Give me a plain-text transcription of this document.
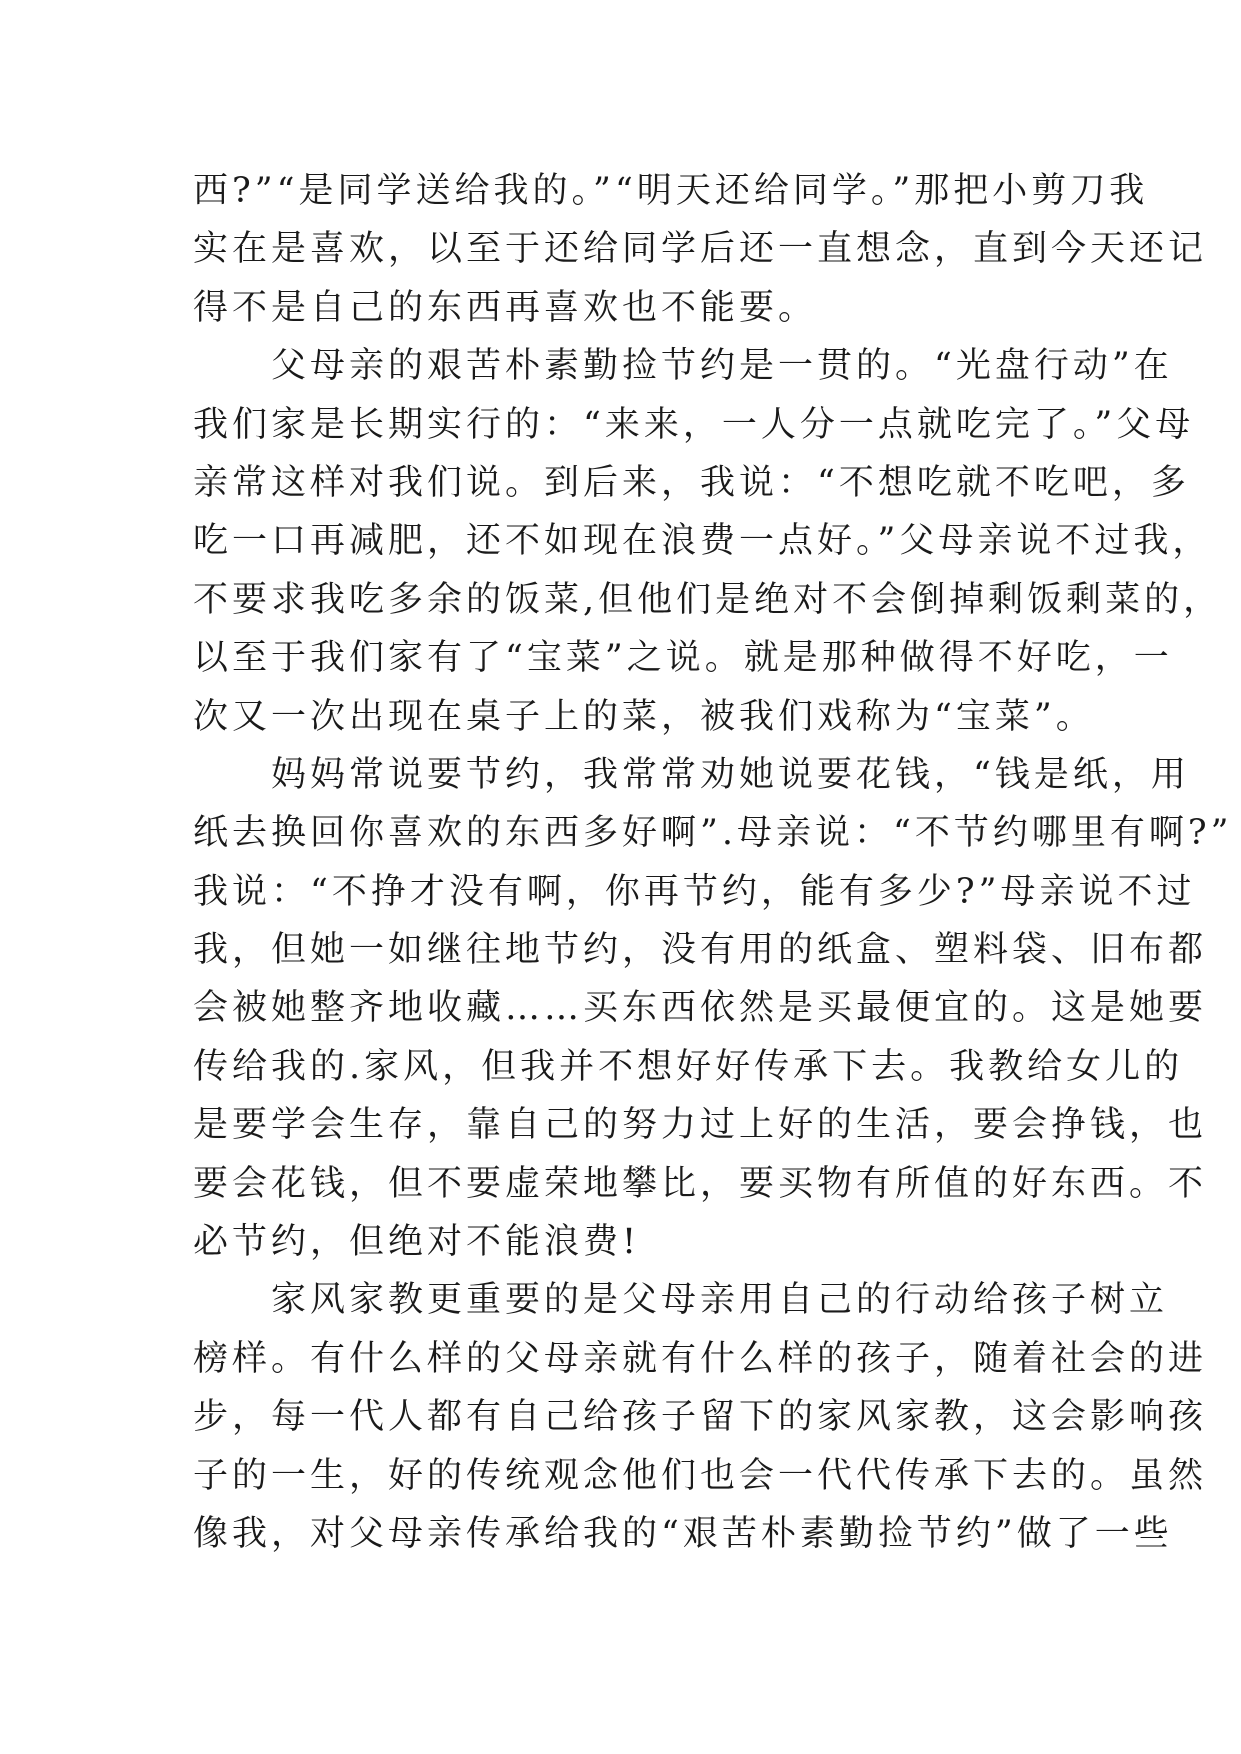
西?”“是同学送给我的。”“明天还给同学。”那把小剪刀我
实在是喜欢，以至于还给同学后还一直想念，直到今天还记
得不是自己的东西再喜欢也不能要。
父母亲的艰苦朴素勤捡节约是一贯的。“光盘行动”在
我们家是长期实行的：“来来，一人分一点就吃完了。”父母
亲常这样对我们说。到后来，我说：“不想吃就不吃吧，多
吃一口再减肥，还不如现在浪费一点好。”父母亲说不过我，
不要求我吃多余的饭菜,但他们是绝对不会倒掉剩饭剩菜的，
以至于我们家有了“宝菜”之说。就是那种做得不好吃，一
次又一次出现在桌子上的菜，被我们戏称为“宝菜”。
妈妈常说要节约，我常常劝她说要花钱，“钱是纸，用
纸去换回你喜欢的东西多好啊”.母亲说：“不节约哪里有啊?”
我说：“不挣才没有啊，你再节约，能有多少?”母亲说不过
我，但她一如继往地节约，没有用的纸盒、塑料袋、旧布都
会被她整齐地收藏……买东西依然是买最便宜的。这是她要
传给我的.家风，但我并不想好好传承下去。我教给女儿的
是要学会生存，靠自己的努力过上好的生活，要会挣钱，也
要会花钱，但不要虚荣地攀比，要买物有所值的好东西。不
必节约，但绝对不能浪费!
家风家教更重要的是父母亲用自己的行动给孩子树立
榜样。有什么样的父母亲就有什么样的孩子，随着社会的进
步，每一代人都有自己给孩子留下的家风家教，这会影响孩
子的一生，好的传统观念他们也会一代代传承下去的。虽然
像我，对父母亲传承给我的“艰苦朴素勤捡节约”做了一些
